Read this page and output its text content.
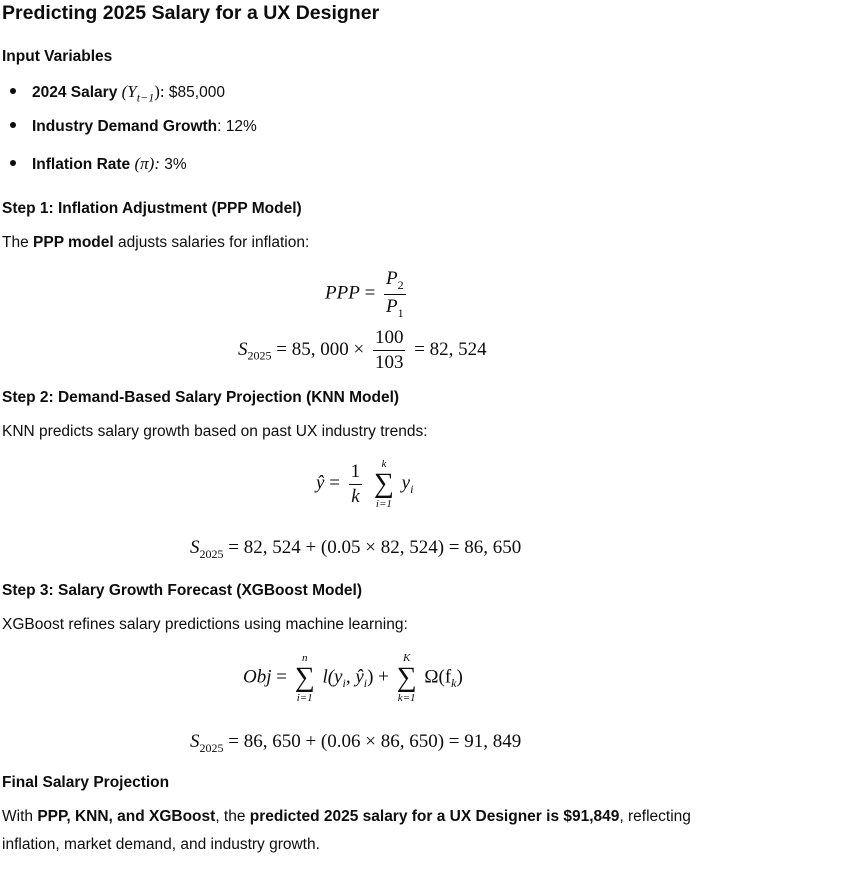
Predicting 2025 Salary for a UX Designer
Input Variables
2024 Salary $(Y_{t-1})$: $85,000
Industry Demand Growth: 12%
Inflation Rate (π): 3%
Step 1: Inflation Adjustment (PPP Model)
The PPP model adjusts salaries for inflation:
PPP = $\frac{P_2}{P_1}$
$S_{2025} = 85$, $000 \times \frac{100}{103} = 82$, 524
Step 2: Demand-Based Salary Projection (KNN Model)
KNN predicts salary growth based on past UX industry trends:
ŷ = $\frac{1}{k}$
	k
∑
i=1
$y_i$
$S_{2025} = 82$, 524 + (0.05 × 82, 524) = 86, 650
Step 3: Salary Growth Forecast (XGBoost Model)
XGBoost refines salary predictions using machine learning:
Obj =
n
∑
i=1
$l(y_i$, $ŷ_i$) +
K
∑
k=1
$\Omega(f_k)$
$S_{2025} = 86$, 650 + (0.06 × 86, 650) = 91, 849
Final Salary Projection
With PPP, KNN, and XGBoost, the predicted 2025 salary for a UX Designer is $91,849, reflecting
inflation, market demand, and industry growth.
